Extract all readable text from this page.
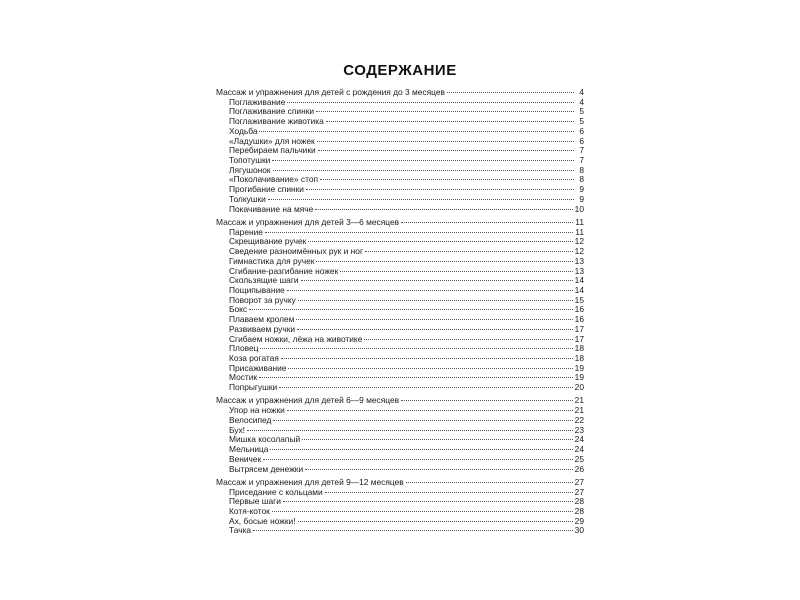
СОДЕРЖАНИЕ
Массаж и упражнения для детей с рождения до 3 месяцев	4
Поглаживание	4
Поглаживание спинки	5
Поглаживание животика	5
Ходьба	6
«Ладушки» для ножек	6
Перебираем пальчики	7
Топотушки	7
Лягушонок	8
«Поколачивание» стоп	8
Прогибание спинки	9
Толкушки	9
Покачивание на мяче	10
Массаж и упражнения для детей 3—6 месяцев	11
Парение	11
Скрещивание ручек	12
Сведение разноимённых рук и ног	12
Гимнастика для ручек	13
Сгибание-разгибание ножек	13
Скользящие шаги	14
Пощипывание	14
Поворот за ручку	15
Бокс	16
Плаваем кролем	16
Развиваем ручки	17
Сгибаем ножки, лёжа на животике	17
Пловец	18
Коза рогатая	18
Присаживание	19
Мостик	19
Попрыгушки	20
Массаж и упражнения для детей 6—9 месяцев	21
Упор на ножки	21
Велосипед	22
Бух!	23
Мишка косолапый	24
Мельница	24
Веничек	25
Вытрясем денежки	26
Массаж и упражнения для детей 9—12 месяцев	27
Приседание с кольцами	27
Первые шаги	28
Котя-коток	28
Ах, босые ножки!	29
Тачка	30
